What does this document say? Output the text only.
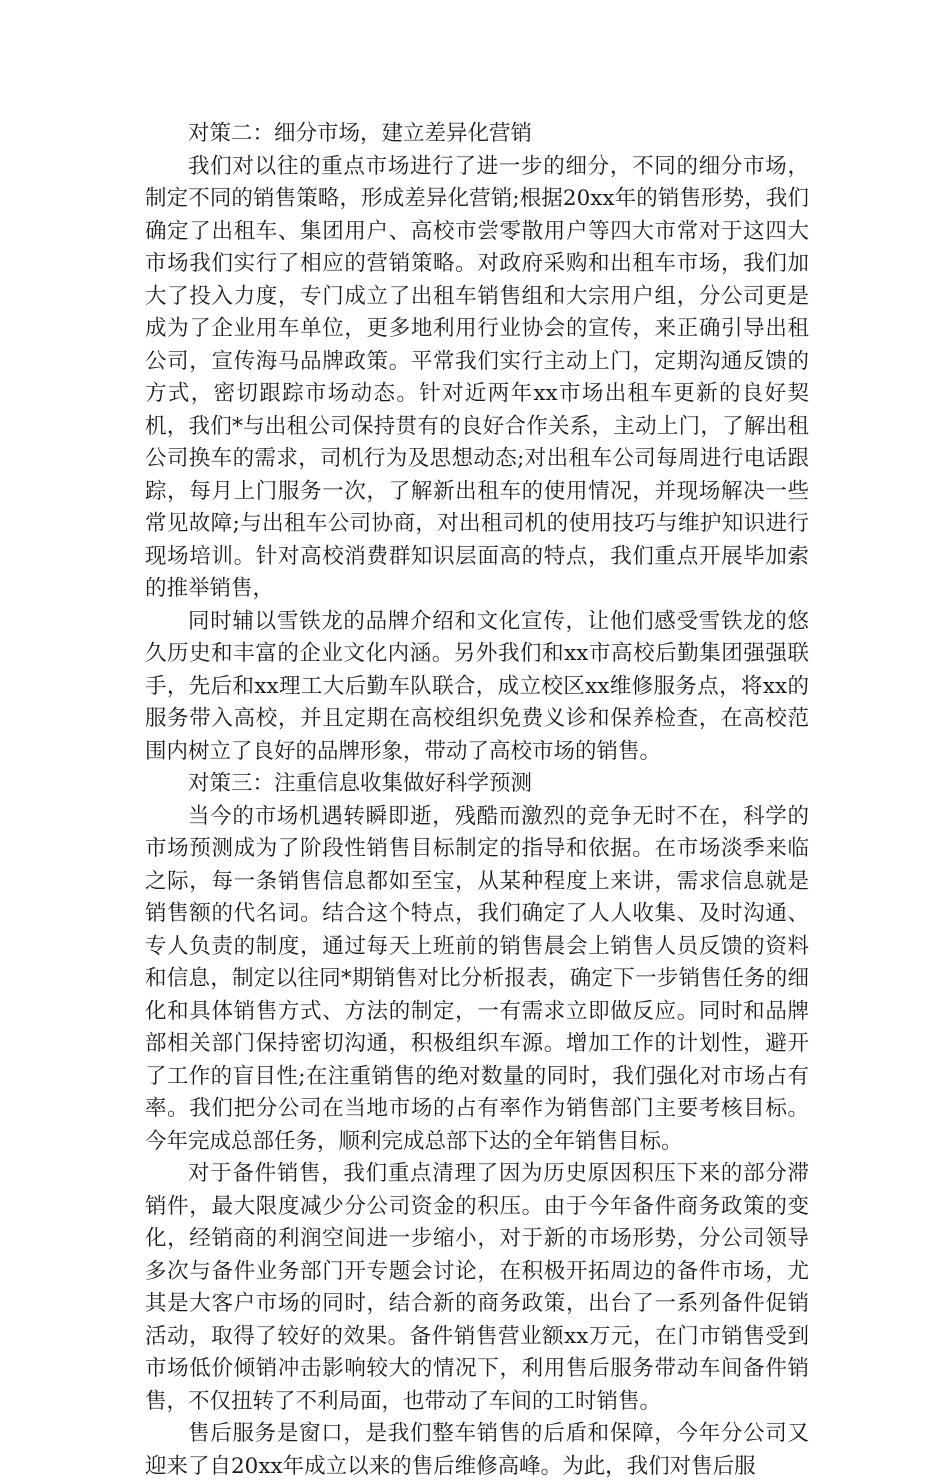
对策二：细分市场，建立差异化营销

我们对以往的重点市场进行了进一步的细分，不同的细分市场，制定不同的销售策略，形成差异化营销;根据20xx年的销售形势，我们确定了出租车、集团用户、高校市尝零散用户等四大市常对于这四大市场我们实行了相应的营销策略。对政府采购和出租车市场，我们加大了投入力度，专门成立了出租车销售组和大宗用户组，分公司更是成为了企业用车单位，更多地利用行业协会的宣传，来正确引导出租公司，宣传海马品牌政策。平常我们实行主动上门，定期沟通反馈的方式，密切跟踪市场动态。针对近两年xx市场出租车更新的良好契机，我们*与出租公司保持贯有的良好合作关系，主动上门，了解出租公司换车的需求，司机行为及思想动态;对出租车公司每周进行电话跟踪，每月上门服务一次，了解新出租车的使用情况，并现场解决一些常见故障;与出租车公司协商，对出租司机的使用技巧与维护知识进行现场培训。针对高校消费群知识层面高的特点，我们重点开展毕加索的推举销售，

同时辅以雪铁龙的品牌介绍和文化宣传，让他们感受雪铁龙的悠久历史和丰富的企业文化内涵。另外我们和xx市高校后勤集团强强联手，先后和xx理工大后勤车队联合，成立校区xx维修服务点，将xx的服务带入高校，并且定期在高校组织免费义诊和保养检查，在高校范围内树立了良好的品牌形象，带动了高校市场的销售。

对策三：注重信息收集做好科学预测

当今的市场机遇转瞬即逝，残酷而激烈的竞争无时不在，科学的市场预测成为了阶段性销售目标制定的指导和依据。在市场淡季来临之际，每一条销售信息都如至宝，从某种程度上来讲，需求信息就是销售额的代名词。结合这个特点，我们确定了人人收集、及时沟通、专人负责的制度，通过每天上班前的销售晨会上销售人员反馈的资料和信息，制定以往同*期销售对比分析报表，确定下一步销售任务的细化和具体销售方式、方法的制定，一有需求立即做反应。同时和品牌部相关部门保持密切沟通，积极组织车源。增加工作的计划性，避开了工作的盲目性;在注重销售的绝对数量的同时，我们强化对市场占有率。我们把分公司在当地市场的占有率作为销售部门主要考核目标。今年完成总部任务，顺利完成总部下达的全年销售目标。

对于备件销售，我们重点清理了因为历史原因积压下来的部分滞销件，最大限度减少分公司资金的积压。由于今年备件商务政策的变化，经销商的利润空间进一步缩小，对于新的市场形势，分公司领导多次与备件业务部门开专题会讨论，在积极开拓周边的备件市场，尤其是大客户市场的同时，结合新的商务政策，出台了一系列备件促销活动，取得了较好的效果。备件销售营业额xx万元，在门市销售受到市场低价倾销冲击影响较大的情况下，利用售后服务带动车间备件销售，不仅扭转了不利局面，也带动了车间的工时销售。

售后服务是窗口，是我们整车销售的后盾和保障，今年分公司又迎来了自20xx年成立以来的售后维修高峰。为此，我们对售后服
